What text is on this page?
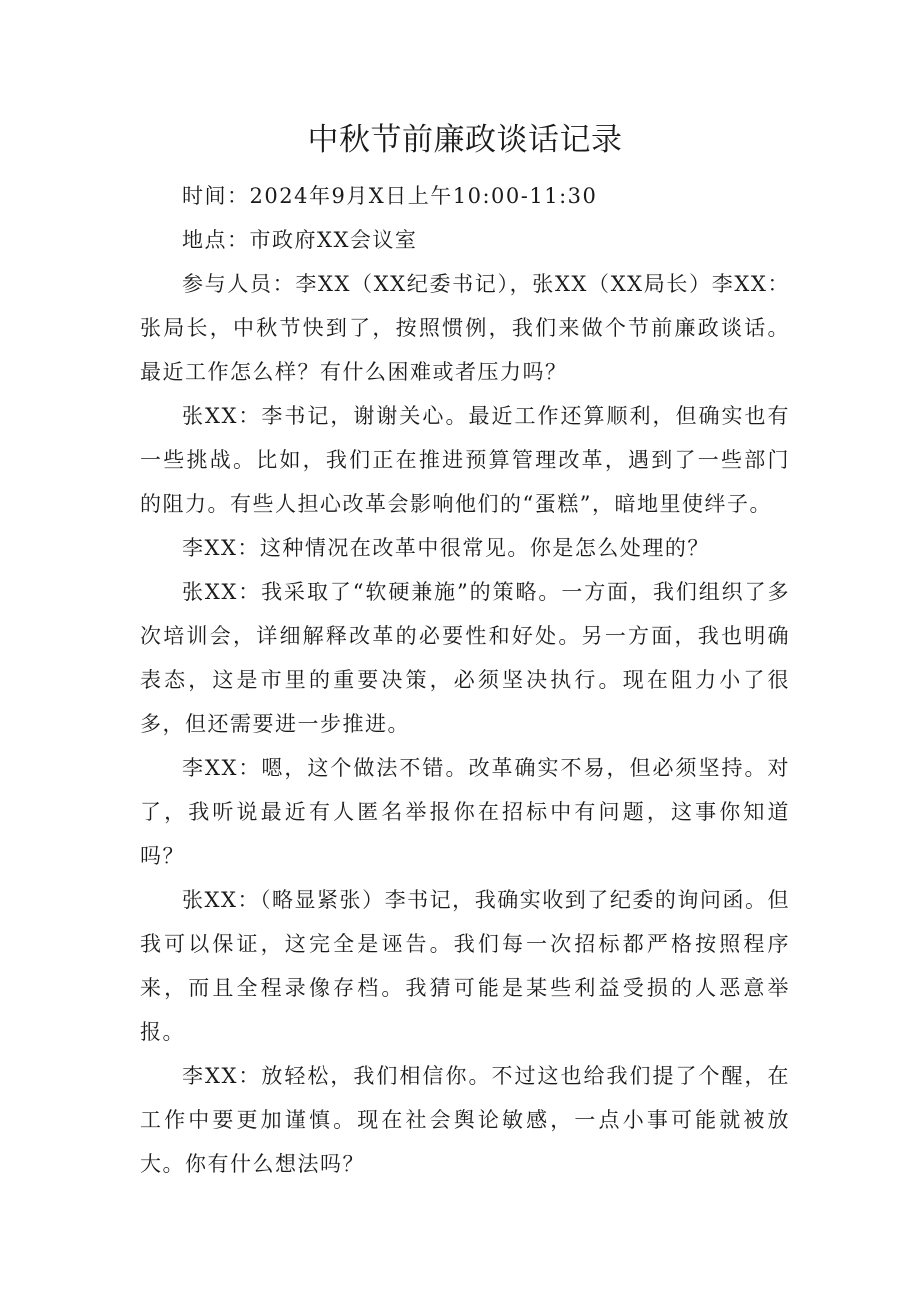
中秋节前廉政谈话记录

时间：2024年9月X日上午10:00-11:30

地点：市政府XX会议室

参与人员：李XX（XX纪委书记），张XX（XX局长）李XX：张局长，中秋节快到了，按照惯例，我们来做个节前廉政谈话。最近工作怎么样？有什么困难或者压力吗？

张XX：李书记，谢谢关心。最近工作还算顺利，但确实也有一些挑战。比如，我们正在推进预算管理改革，遇到了一些部门的阻力。有些人担心改革会影响他们的“蛋糕”，暗地里使绊子。

李XX：这种情况在改革中很常见。你是怎么处理的？

张XX：我采取了“软硬兼施”的策略。一方面，我们组织了多次培训会，详细解释改革的必要性和好处。另一方面，我也明确表态，这是市里的重要决策，必须坚决执行。现在阻力小了很多，但还需要进一步推进。

李XX：嗯，这个做法不错。改革确实不易，但必须坚持。对了，我听说最近有人匿名举报你在招标中有问题，这事你知道吗？

张XX：（略显紧张）李书记，我确实收到了纪委的询问函。但我可以保证，这完全是诬告。我们每一次招标都严格按照程序来，而且全程录像存档。我猜可能是某些利益受损的人恶意举报。

李XX：放轻松，我们相信你。不过这也给我们提了个醒，在工作中要更加谨慎。现在社会舆论敏感，一点小事可能就被放大。你有什么想法吗？
